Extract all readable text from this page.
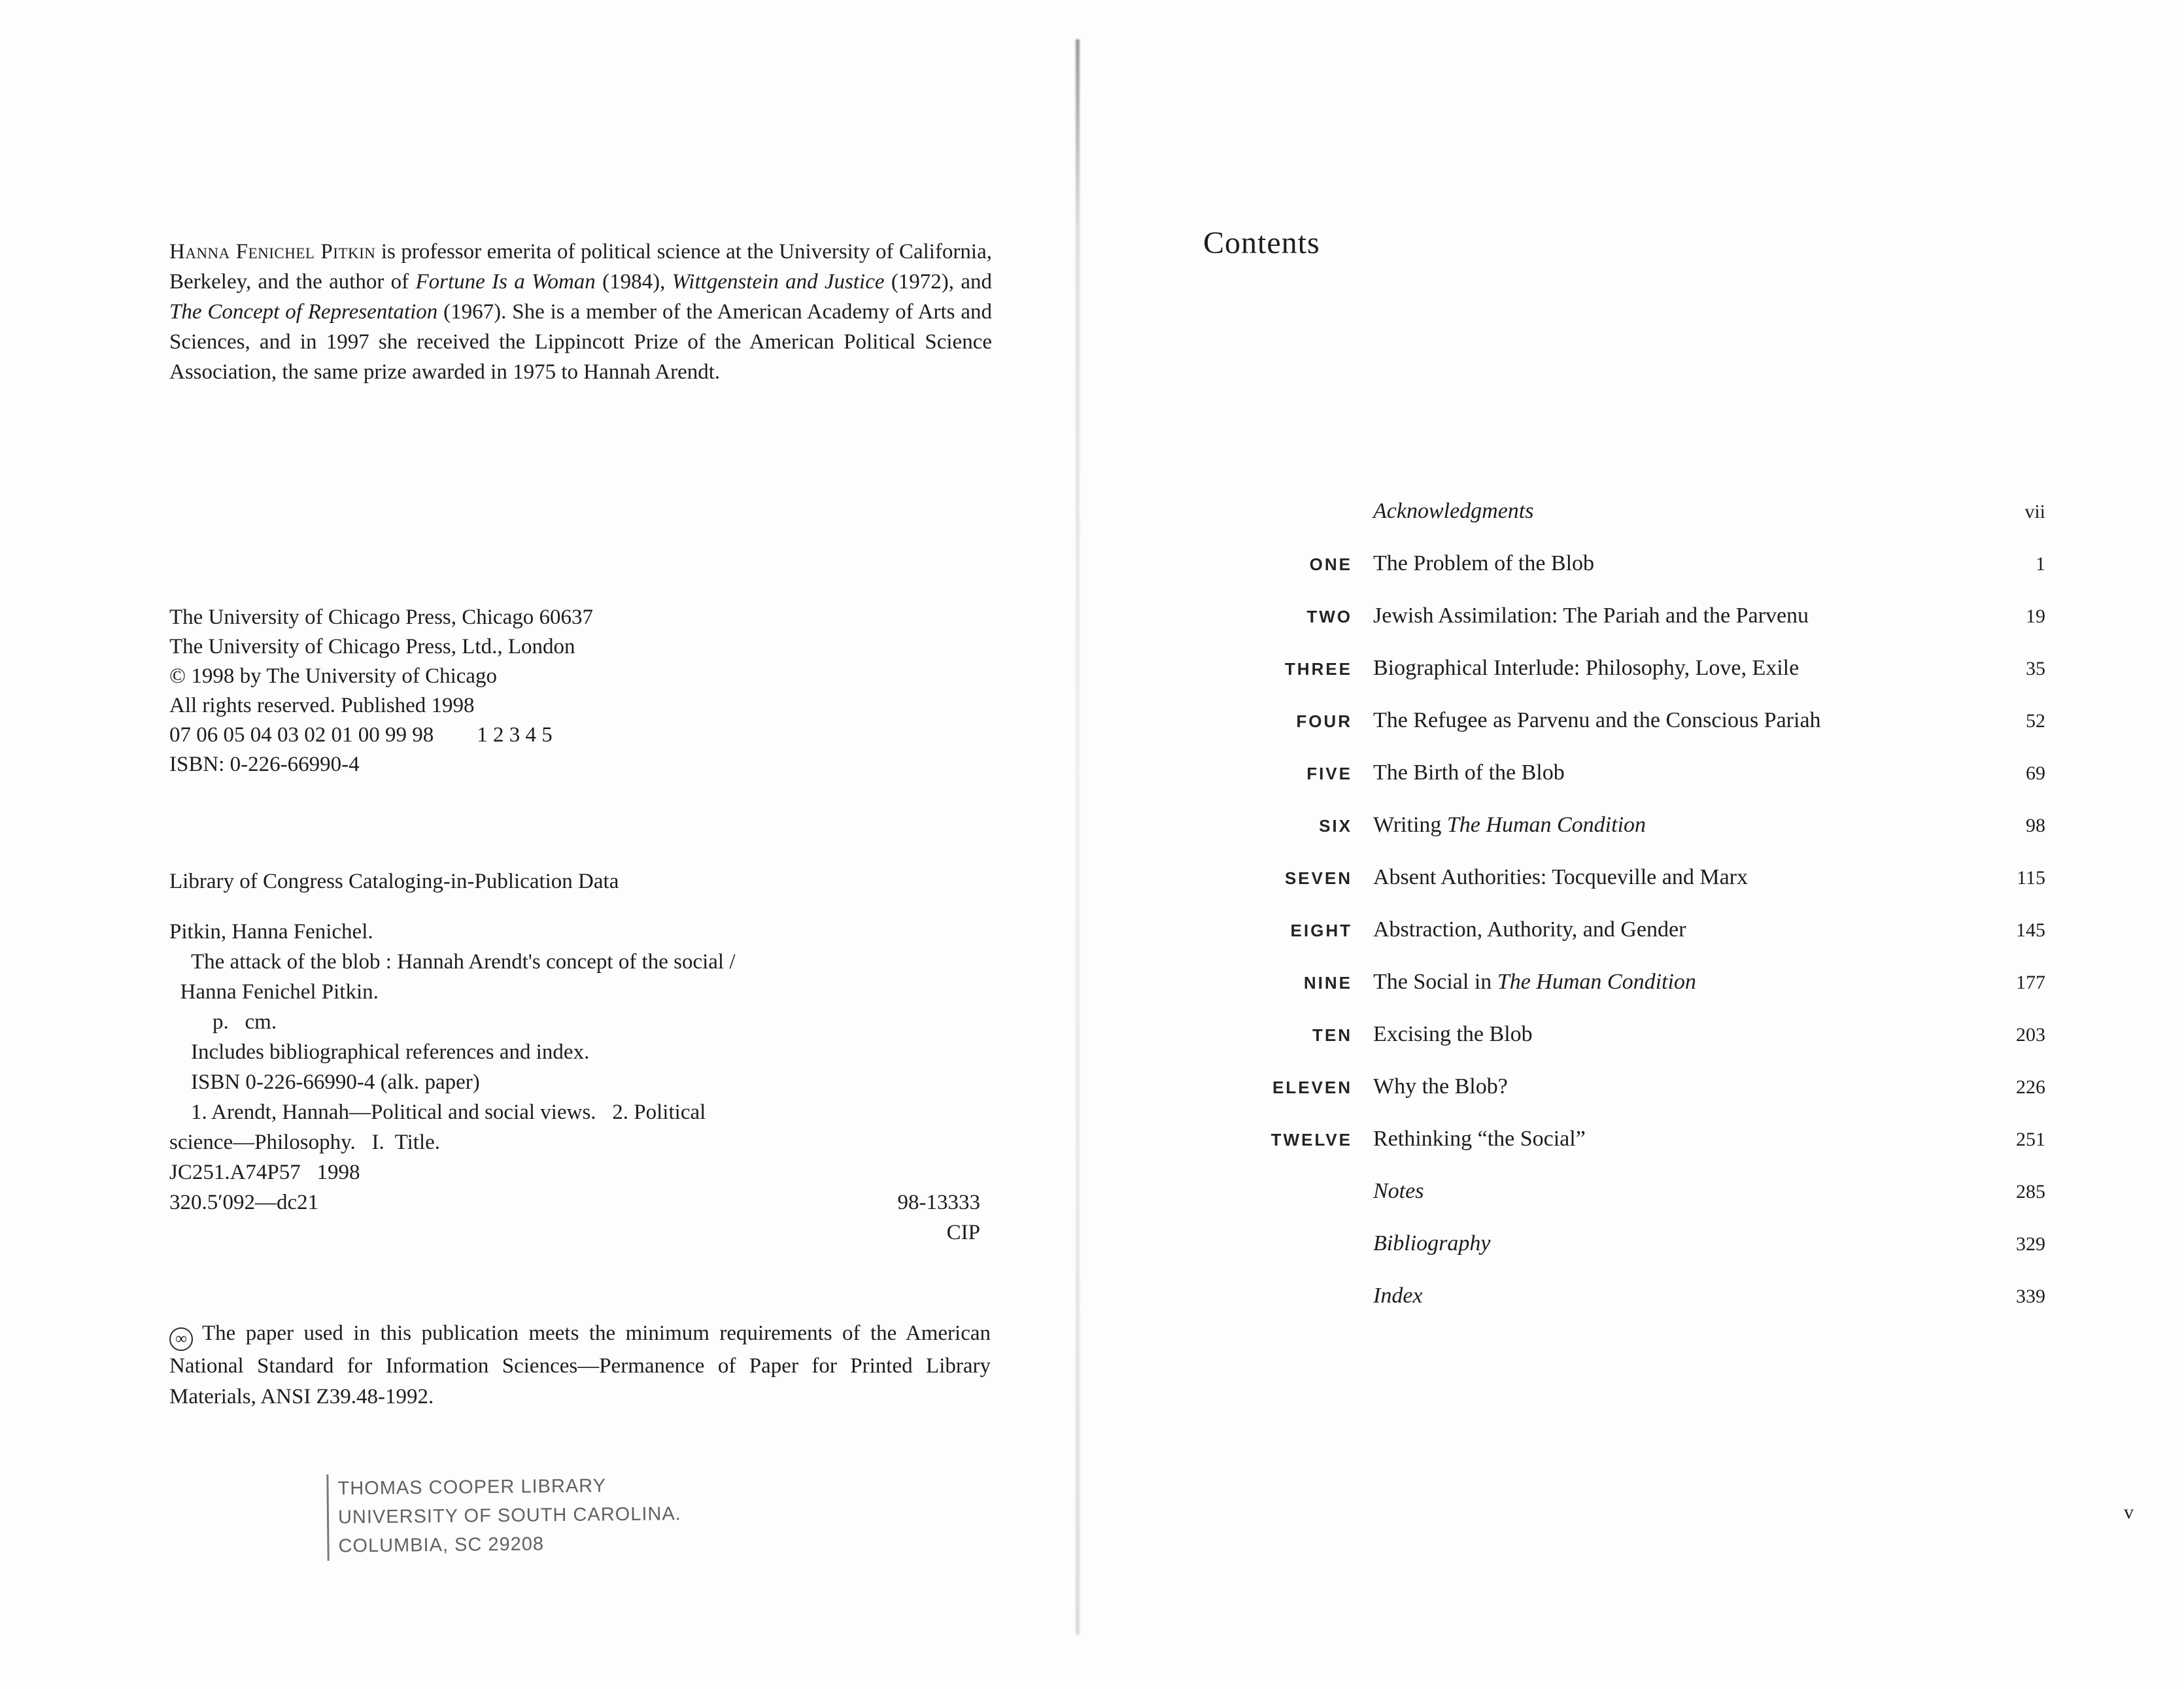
Hanna Fenichel Pitkin is professor emerita of political science at the University of California, Berkeley, and the author of Fortune Is a Woman (1984), Wittgenstein and Justice (1972), and The Concept of Representation (1967). She is a member of the American Academy of Arts and Sciences, and in 1997 she received the Lippincott Prize of the American Political Science Association, the same prize awarded in 1975 to Hannah Arendt.

The University of Chicago Press, Chicago 60637
The University of Chicago Press, Ltd., London
© 1998 by The University of Chicago
All rights reserved. Published 1998
07 06 05 04 03 02 01 00 99 98        1 2 3 4 5
ISBN: 0-226-66990-4
Library of Congress Cataloging-in-Publication Data
Pitkin, Hanna Fenichel.
The attack of the blob : Hannah Arendt's concept of the social /
Hanna Fenichel Pitkin.
p.   cm.
Includes bibliographical references and index.
ISBN 0-226-66990-4 (alk. paper)
1. Arendt, Hannah—Political and social views.   2. Political
science—Philosophy.   I.  Title.
JC251.A74P57   1998
320.5′092—dc21	98-13333
CIP

∞ The paper used in this publication meets the minimum requirements of the American National Standard for Information Sciences—Permanence of Paper for Printed Library Materials, ANSI Z39.48-1992.

THOMAS COOPER LIBRARY
UNIVERSITY OF SOUTH CAROLINA.
COLUMBIA, SC 29208
Contents
Acknowledgments	vii
ONE The Problem of the Blob	1
TWO Jewish Assimilation: The Pariah and the Parvenu	19
THREE Biographical Interlude: Philosophy, Love, Exile	35
FOUR The Refugee as Parvenu and the Conscious Pariah	52
FIVE The Birth of the Blob	69
SIX Writing The Human Condition	98
SEVEN Absent Authorities: Tocqueville and Marx	115
EIGHT Abstraction, Authority, and Gender	145
NINE The Social in The Human Condition	177
TEN Excising the Blob	203
ELEVEN Why the Blob?	226
TWELVE Rethinking “the Social”	251
Notes	285
Bibliography	329
Index	339
v
